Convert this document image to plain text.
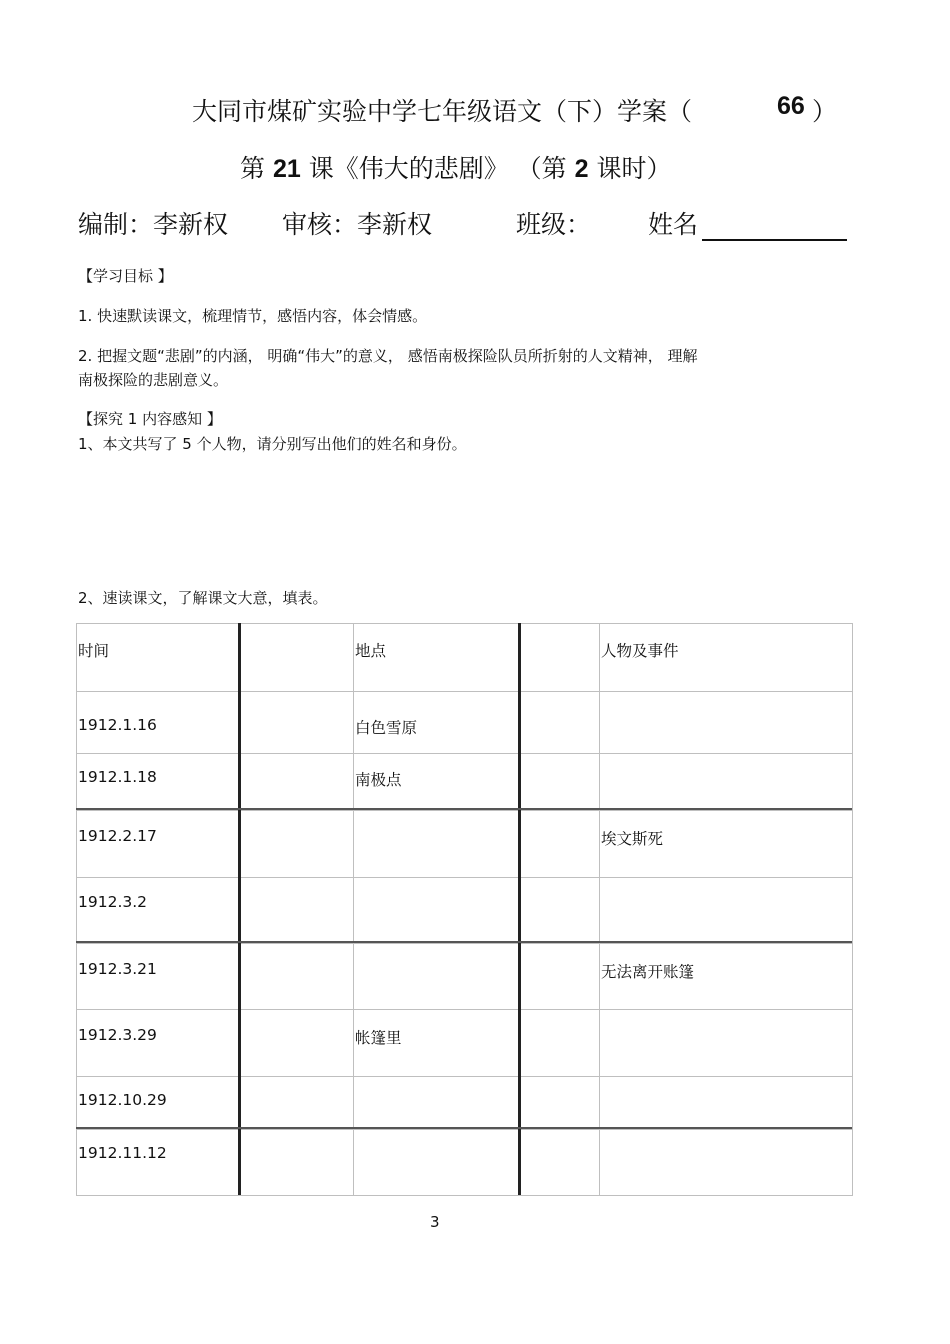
大同市煤矿实验中学七年级语文（下）学案（	66 ）
第 21 课《伟大的悲剧》 （第 2 课时）
编制：李新权 审核：李新权	班级： 姓名
【学习目标 】
1. 快速默读课文，梳理情节，感悟内容，体会情感。
2. 把握文题“悲剧”的内涵， 明确“伟大”的意义， 感悟南极探险队员所折射的人文精神， 理解
南极探险的悲剧意义。
【探究 1 内容感知 】
1、本文共写了 5 个人物，请分别写出他们的姓名和身份。
2、速读课文，了解课文大意，填表。
时间		地点		人物及事件

1912.1.16		白色雪原		

1912.1.18		南极点		

1912.2.17				埃文斯死

1912.3.2				

1912.3.21				无法离开账篷

1912.3.29		帐篷里		

1912.10.29				

1912.11.12				

3
